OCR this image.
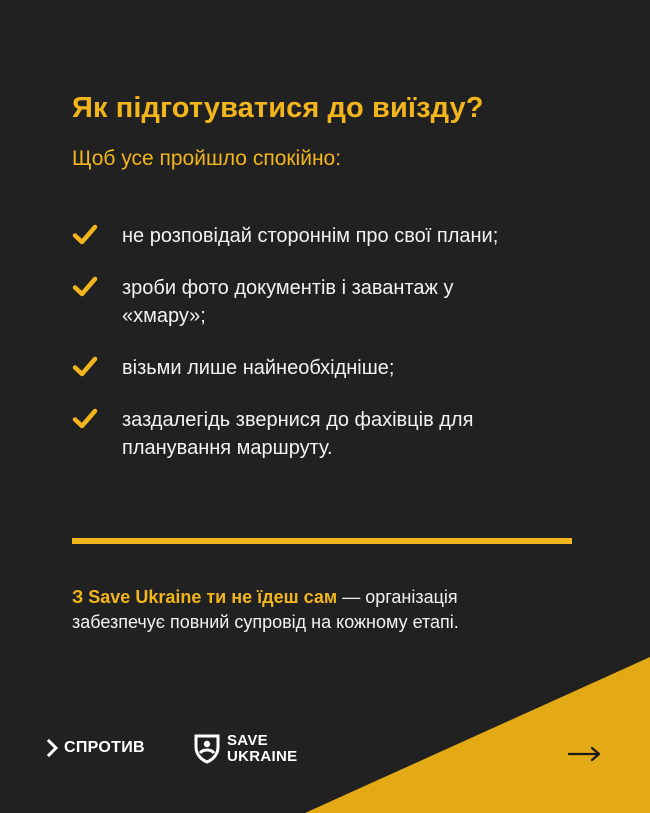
Як підготуватися до виїзду?

Щоб усе пройшло спокійно:

не розповідай стороннім про свої плани;
зроби фото документів і завантаж у «хмару»;
візьми лише найнеобхідніше;
заздалегідь звернися до фахівців для планування маршруту.

З Save Ukraine ти не їдеш сам — організація забезпечує повний супровід на кожному етапі.

СПРОТИВ	SAVE
UKRAINE
